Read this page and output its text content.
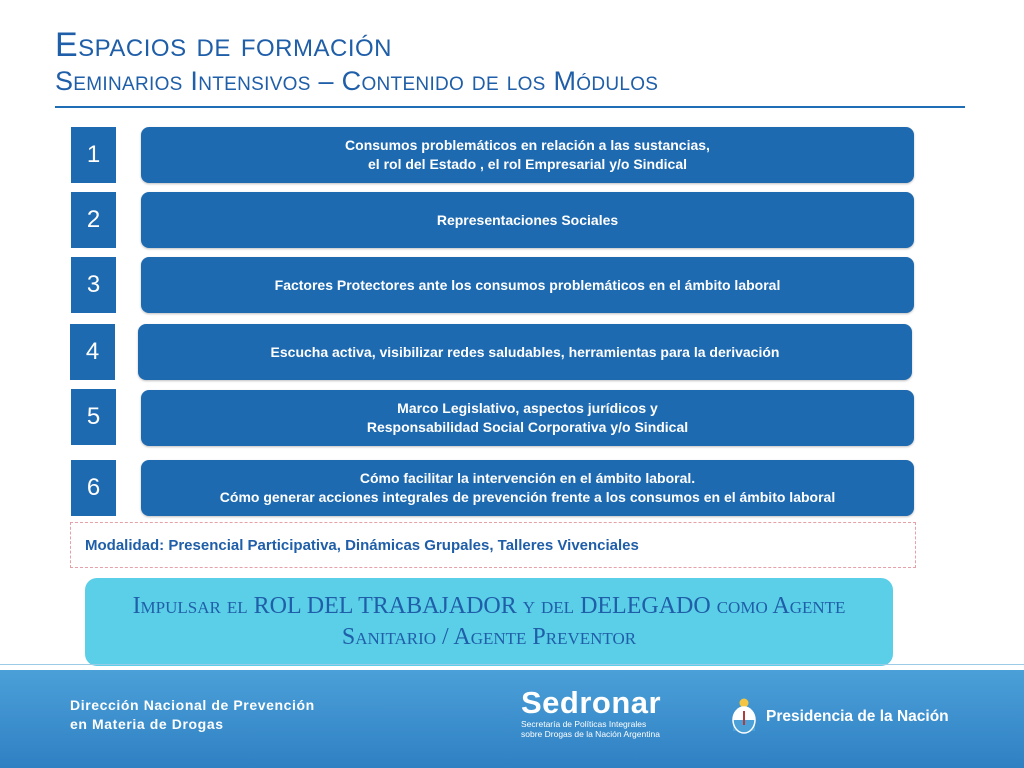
Espacios de formación
Seminarios Intensivos – Contenido de los Módulos
1	Consumos problemáticos en relación a las sustancias,
el rol del Estado , el rol Empresarial y/o Sindical
2	Representaciones Sociales
3	Factores Protectores ante los consumos problemáticos en el ámbito laboral
4	Escucha activa, visibilizar redes saludables, herramientas para la derivación
5	Marco Legislativo, aspectos jurídicos y
Responsabilidad Social Corporativa y/o Sindical
6	Cómo facilitar la intervención en el ámbito laboral.
Cómo generar acciones integrales de prevención frente a los consumos en el ámbito laboral
Modalidad: Presencial Participativa, Dinámicas Grupales, Talleres Vivenciales
Impulsar el ROL DEL TRABAJADOR y del DELEGADO como Agente
Sanitario / Agente Preventor
Dirección Nacional de Prevención
en Materia de Drogas
Sedronar
Secretaría de Políticas Integrales
sobre Drogas de la Nación Argentina
Presidencia de la Nación
